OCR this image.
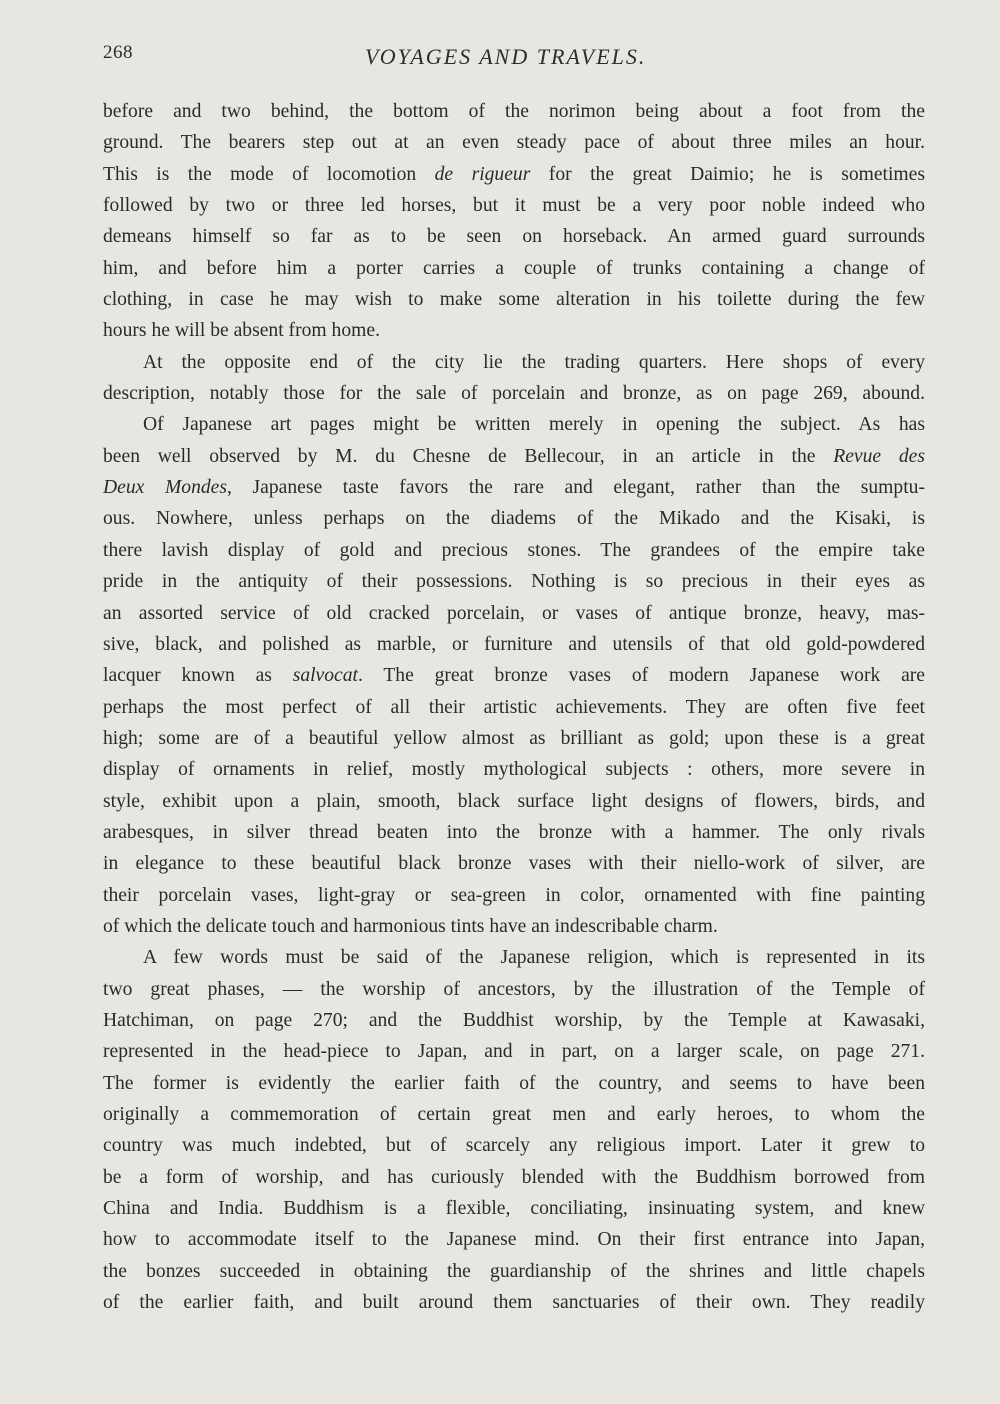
268	VOYAGES AND TRAVELS.
before and two behind, the bottom of the norimon being about a foot from the
ground. The bearers step out at an even steady pace of about three miles an hour.
This is the mode of locomotion de rigueur for the great Daimio; he is sometimes
followed by two or three led horses, but it must be a very poor noble indeed who
demeans himself so far as to be seen on horseback. An armed guard surrounds
him, and before him a porter carries a couple of trunks containing a change of
clothing, in case he may wish to make some alteration in his toilette during the few
hours he will be absent from home.
At the opposite end of the city lie the trading quarters. Here shops of every
description, notably those for the sale of porcelain and bronze, as on page 269, abound.
Of Japanese art pages might be written merely in opening the subject. As has
been well observed by M. du Chesne de Bellecour, in an article in the Revue des
Deux Mondes, Japanese taste favors the rare and elegant, rather than the sumptu-
ous. Nowhere, unless perhaps on the diadems of the Mikado and the Kisaki, is
there lavish display of gold and precious stones. The grandees of the empire take
pride in the antiquity of their possessions. Nothing is so precious in their eyes as
an assorted service of old cracked porcelain, or vases of antique bronze, heavy, mas-
sive, black, and polished as marble, or furniture and utensils of that old gold-powdered
lacquer known as salvocat. The great bronze vases of modern Japanese work are
perhaps the most perfect of all their artistic achievements. They are often five feet
high; some are of a beautiful yellow almost as brilliant as gold; upon these is a great
display of ornaments in relief, mostly mythological subjects : others, more severe in
style, exhibit upon a plain, smooth, black surface light designs of flowers, birds, and
arabesques, in silver thread beaten into the bronze with a hammer. The only rivals
in elegance to these beautiful black bronze vases with their niello-work of silver, are
their porcelain vases, light-gray or sea-green in color, ornamented with fine painting
of which the delicate touch and harmonious tints have an indescribable charm.
A few words must be said of the Japanese religion, which is represented in its
two great phases, — the worship of ancestors, by the illustration of the Temple of
Hatchiman, on page 270; and the Buddhist worship, by the Temple at Kawasaki,
represented in the head-piece to Japan, and in part, on a larger scale, on page 271.
The former is evidently the earlier faith of the country, and seems to have been
originally a commemoration of certain great men and early heroes, to whom the
country was much indebted, but of scarcely any religious import. Later it grew to
be a form of worship, and has curiously blended with the Buddhism borrowed from
China and India. Buddhism is a flexible, conciliating, insinuating system, and knew
how to accommodate itself to the Japanese mind. On their first entrance into Japan,
the bonzes succeeded in obtaining the guardianship of the shrines and little chapels
of the earlier faith, and built around them sanctuaries of their own. They readily
